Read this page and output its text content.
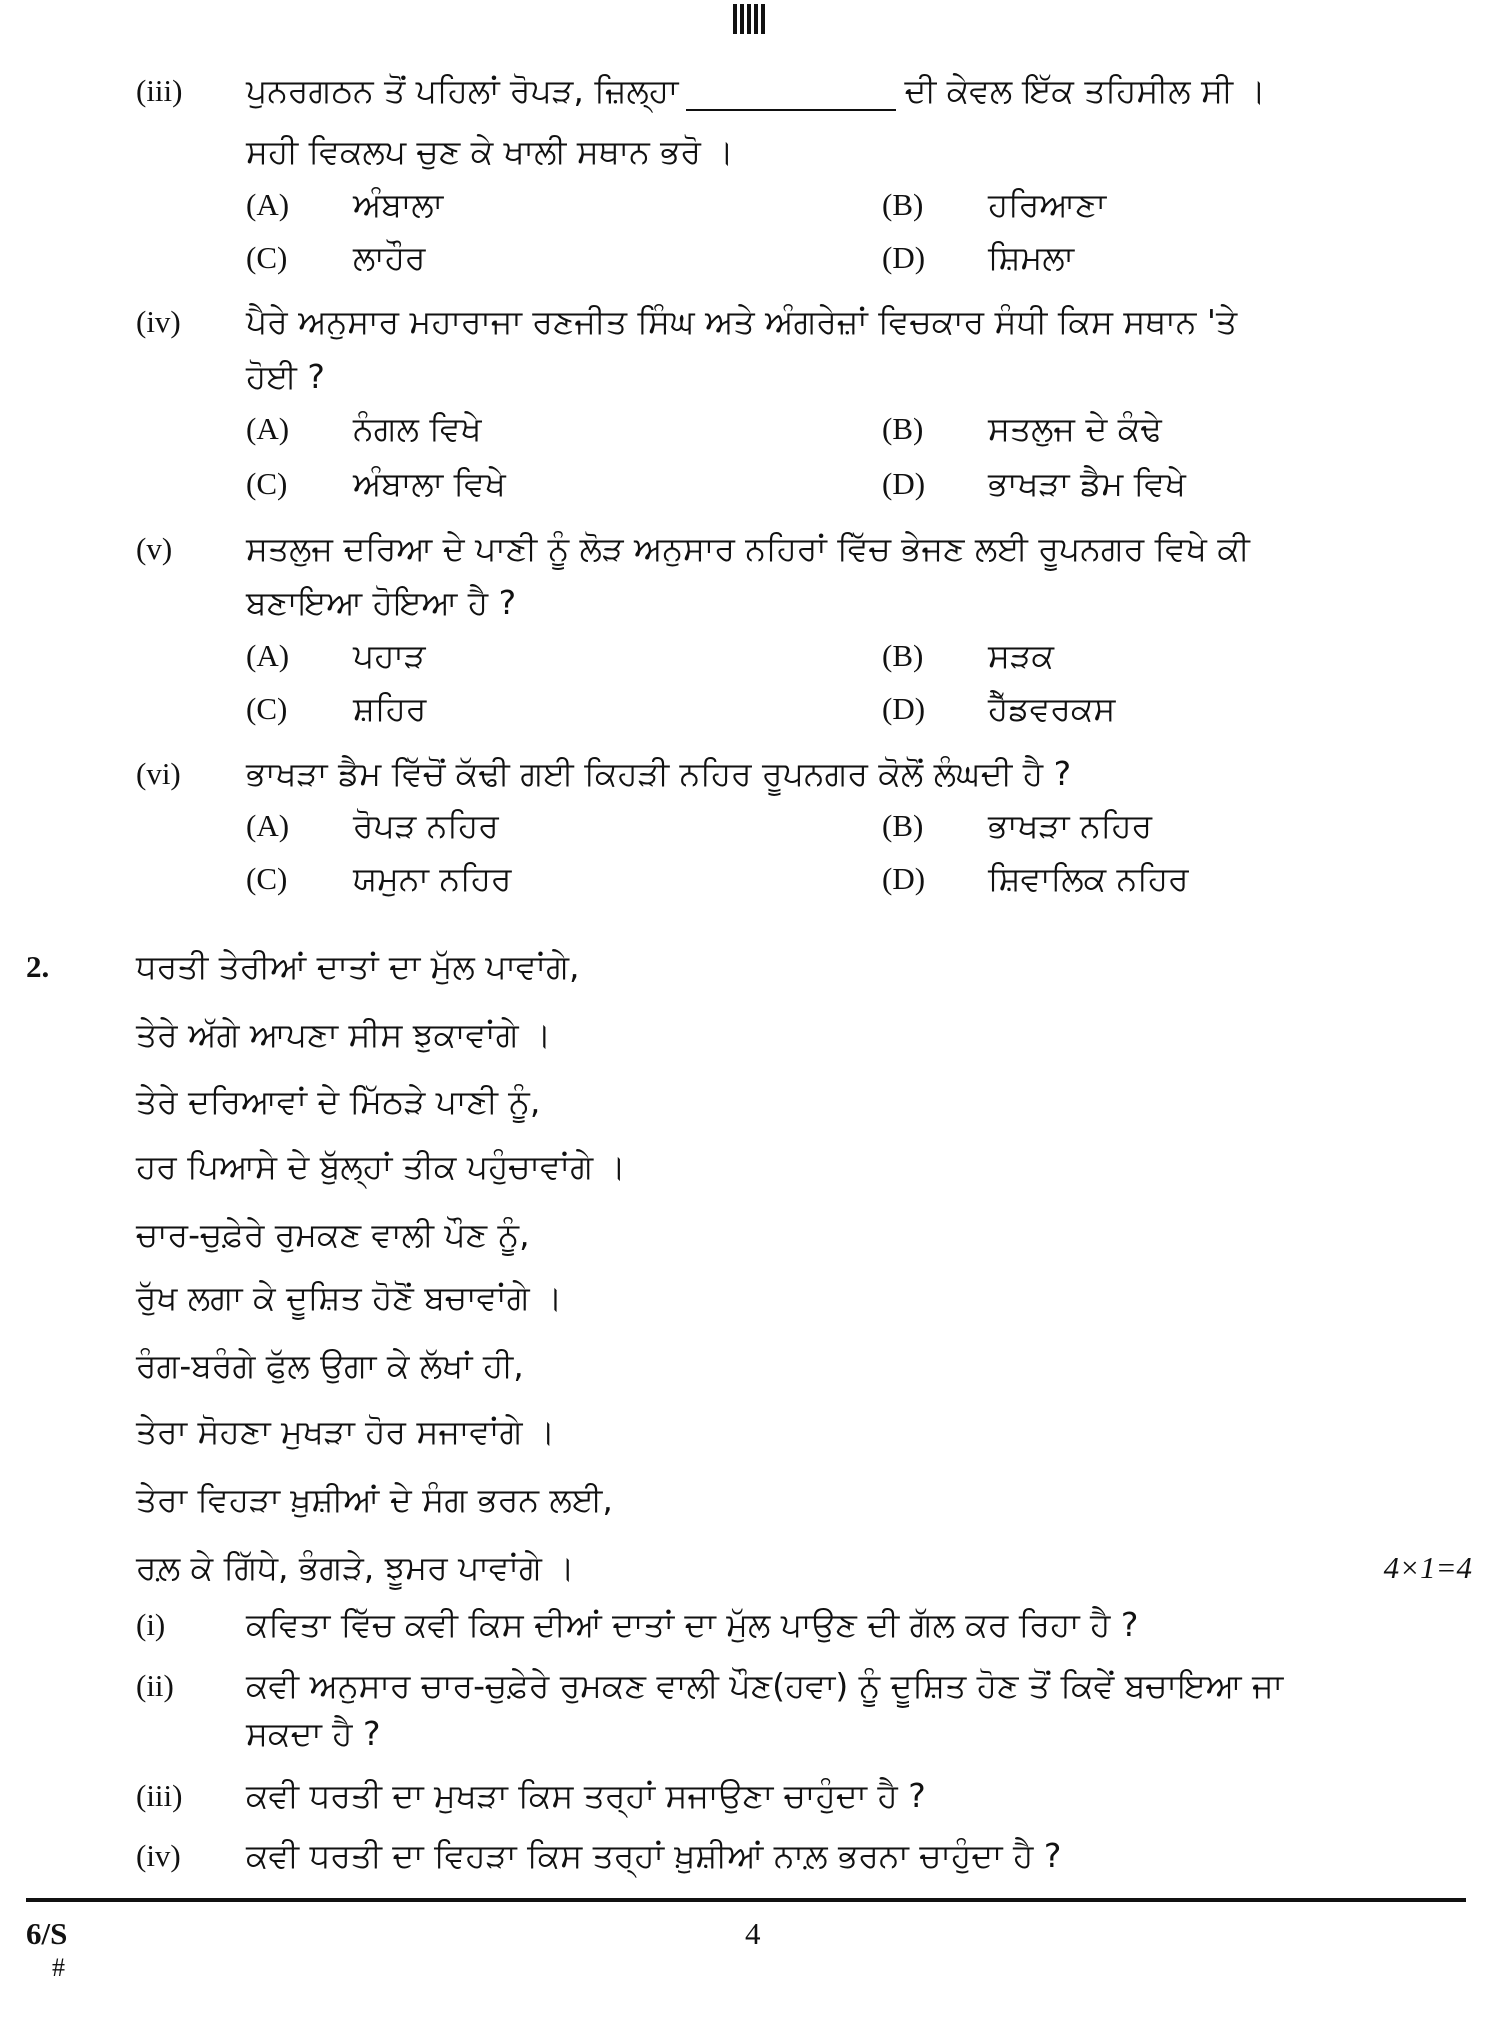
(iii) ਪੁਨਰਗਠਨ ਤੋਂ ਪਹਿਲਾਂ ਰੋਪੜ, ਜ਼ਿਲ੍ਹਾ	ਦੀ ਕੇਵਲ ਇੱਕ ਤਹਿਸੀਲ ਸੀ ।
ਸਹੀ ਵਿਕਲਪ ਚੁਣ ਕੇ ਖਾਲੀ ਸਥਾਨ ਭਰੋ ।
(A) ਅੰਬਾਲਾ	(B) ਹਰਿਆਣਾ
(C) ਲਾਹੌਰ	(D) ਸ਼ਿਮਲਾ
(iv) ਪੈਰੇ ਅਨੁਸਾਰ ਮਹਾਰਾਜਾ ਰਣਜੀਤ ਸਿੰਘ ਅਤੇ ਅੰਗਰੇਜ਼ਾਂ ਵਿਚਕਾਰ ਸੰਧੀ ਕਿਸ ਸਥਾਨ 'ਤੇ
ਹੋਈ ?
(A) ਨੰਗਲ ਵਿਖੇ	(B) ਸਤਲੁਜ ਦੇ ਕੰਢੇ
(C) ਅੰਬਾਲਾ ਵਿਖੇ	(D) ਭਾਖੜਾ ਡੈਮ ਵਿਖੇ
(v) ਸਤਲੁਜ ਦਰਿਆ ਦੇ ਪਾਣੀ ਨੂੰ ਲੋੜ ਅਨੁਸਾਰ ਨਹਿਰਾਂ ਵਿੱਚ ਭੇਜਣ ਲਈ ਰੂਪਨਗਰ ਵਿਖੇ ਕੀ
ਬਣਾਇਆ ਹੋਇਆ ਹੈ ?
(A) ਪਹਾੜ	(B) ਸੜਕ
(C) ਸ਼ਹਿਰ	(D) ਹੈੱਡਵਰਕਸ
(vi) ਭਾਖੜਾ ਡੈਮ ਵਿੱਚੋਂ ਕੱਢੀ ਗਈ ਕਿਹੜੀ ਨਹਿਰ ਰੂਪਨਗਰ ਕੋਲੋਂ ਲੰਘਦੀ ਹੈ ?
(A) ਰੋਪੜ ਨਹਿਰ	(B) ਭਾਖੜਾ ਨਹਿਰ
(C) ਯਮੁਨਾ ਨਹਿਰ	(D) ਸ਼ਿਵਾਲਿਕ ਨਹਿਰ
2.	ਧਰਤੀ ਤੇਰੀਆਂ ਦਾਤਾਂ ਦਾ ਮੁੱਲ ਪਾਵਾਂਗੇ,
ਤੇਰੇ ਅੱਗੇ ਆਪਣਾ ਸੀਸ ਝੁਕਾਵਾਂਗੇ ।
ਤੇਰੇ ਦਰਿਆਵਾਂ ਦੇ ਮਿੱਠੜੇ ਪਾਣੀ ਨੂੰ,
ਹਰ ਪਿਆਸੇ ਦੇ ਬੁੱਲ੍ਹਾਂ ਤੀਕ ਪਹੁੰਚਾਵਾਂਗੇ ।
ਚਾਰ-ਚੁਫ਼ੇਰੇ ਰੁਮਕਣ ਵਾਲੀ ਪੌਣ ਨੂੰ,
ਰੁੱਖ ਲਗਾ ਕੇ ਦੂਸ਼ਿਤ ਹੋਣੋਂ ਬਚਾਵਾਂਗੇ ।
ਰੰਗ-ਬਰੰਗੇ ਫੁੱਲ ਉਗਾ ਕੇ ਲੱਖਾਂ ਹੀ,
ਤੇਰਾ ਸੋਹਣਾ ਮੁਖੜਾ ਹੋਰ ਸਜਾਵਾਂਗੇ ।
ਤੇਰਾ ਵਿਹੜਾ ਖ਼ੁਸ਼ੀਆਂ ਦੇ ਸੰਗ ਭਰਨ ਲਈ,
ਰਲ਼ ਕੇ ਗਿੱਧੇ, ਭੰਗੜੇ, ਝੂਮਰ ਪਾਵਾਂਗੇ ।	4×1=4
(i) ਕਵਿਤਾ ਵਿੱਚ ਕਵੀ ਕਿਸ ਦੀਆਂ ਦਾਤਾਂ ਦਾ ਮੁੱਲ ਪਾਉਣ ਦੀ ਗੱਲ ਕਰ ਰਿਹਾ ਹੈ ?
(ii) ਕਵੀ ਅਨੁਸਾਰ ਚਾਰ-ਚੁਫ਼ੇਰੇ ਰੁਮਕਣ ਵਾਲੀ ਪੌਣ(ਹਵਾ) ਨੂੰ ਦੂਸ਼ਿਤ ਹੋਣ ਤੋਂ ਕਿਵੇਂ ਬਚਾਇਆ ਜਾ
ਸਕਦਾ ਹੈ ?
(iii) ਕਵੀ ਧਰਤੀ ਦਾ ਮੁਖੜਾ ਕਿਸ ਤਰ੍ਹਾਂ ਸਜਾਉਣਾ ਚਾਹੁੰਦਾ ਹੈ ?
(iv) ਕਵੀ ਧਰਤੀ ਦਾ ਵਿਹੜਾ ਕਿਸ ਤਰ੍ਹਾਂ ਖ਼ੁਸ਼ੀਆਂ ਨਾਲ਼ ਭਰਨਾ ਚਾਹੁੰਦਾ ਹੈ ?
6/S	4
#
